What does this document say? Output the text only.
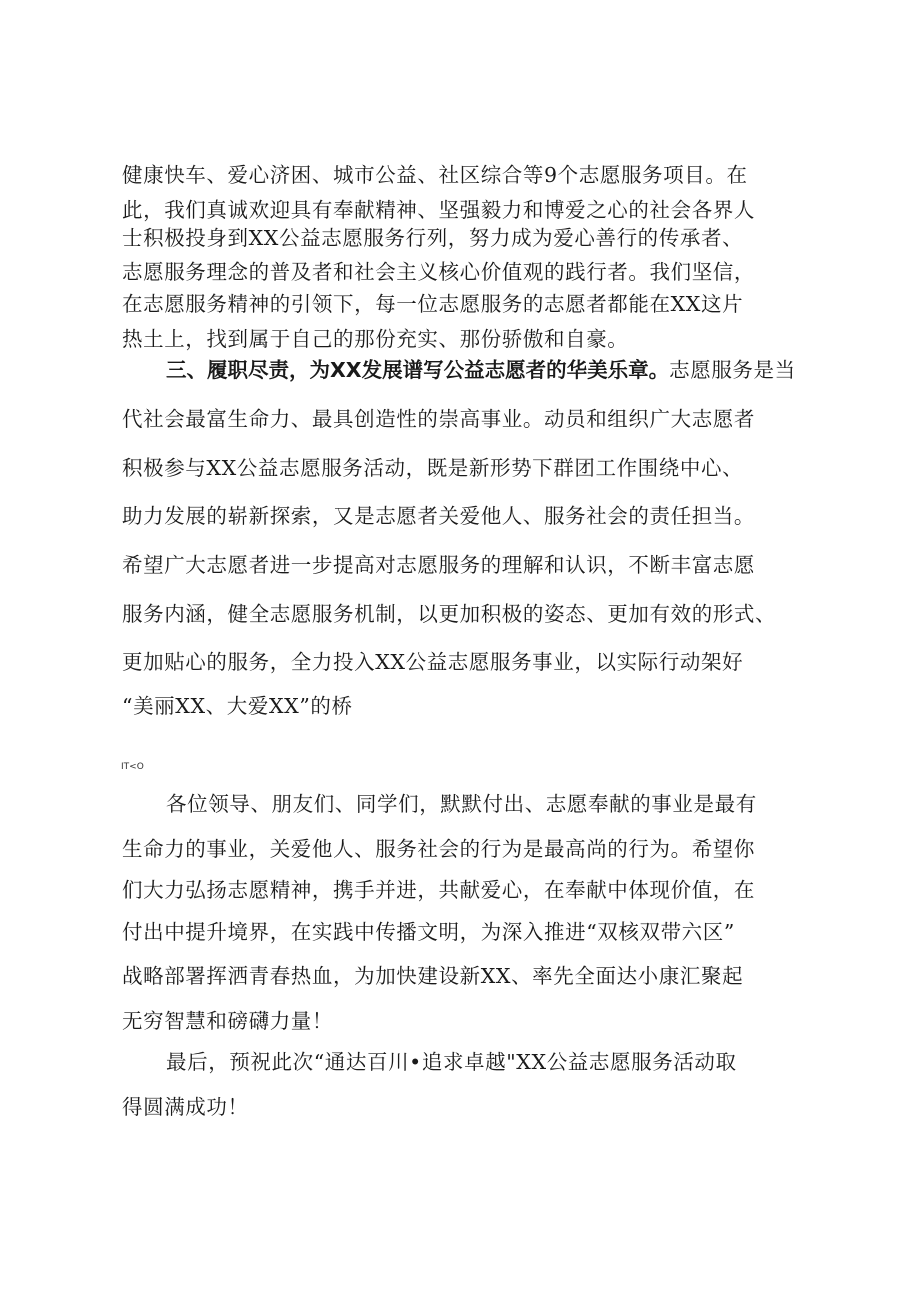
健康快车、爱心济困、城市公益、社区综合等9个志愿服务项目。在
此，我们真诚欢迎具有奉献精神、坚强毅力和博爱之心的社会各界人
士积极投身到XX公益志愿服务行列，努力成为爱心善行的传承者、
志愿服务理念的普及者和社会主义核心价值观的践行者。我们坚信，
在志愿服务精神的引领下，每一位志愿服务的志愿者都能在XX这片
热土上，找到属于自己的那份充实、那份骄傲和自豪。
三、履职尽责，为XX发展谱写公益志愿者的华美乐章。志愿服务是当
代社会最富生命力、最具创造性的崇高事业。动员和组织广大志愿者
积极参与XX公益志愿服务活动，既是新形势下群团工作围绕中心、
助力发展的崭新探索，又是志愿者关爱他人、服务社会的责任担当。
希望广大志愿者进一步提高对志愿服务的理解和认识，不断丰富志愿
服务内涵，健全志愿服务机制，以更加积极的姿态、更加有效的形式、
更加贴心的服务，全力投入XX公益志愿服务事业，以实际行动架好
“美丽XX、大爱XX”的桥
ΙT<O
各位领导、朋友们、同学们，默默付出、志愿奉献的事业是最有
生命力的事业，关爱他人、服务社会的行为是最高尚的行为。希望你
们大力弘扬志愿精神，携手并进，共献爱心，在奉献中体现价值，在
付出中提升境界，在实践中传播文明，为深入推进“双核双带六区”
战略部署挥洒青春热血，为加快建设新XX、率先全面达小康汇聚起
无穷智慧和磅礴力量！
最后，预祝此次“通达百川•追求卓越"XX公益志愿服务活动取
得圆满成功！
